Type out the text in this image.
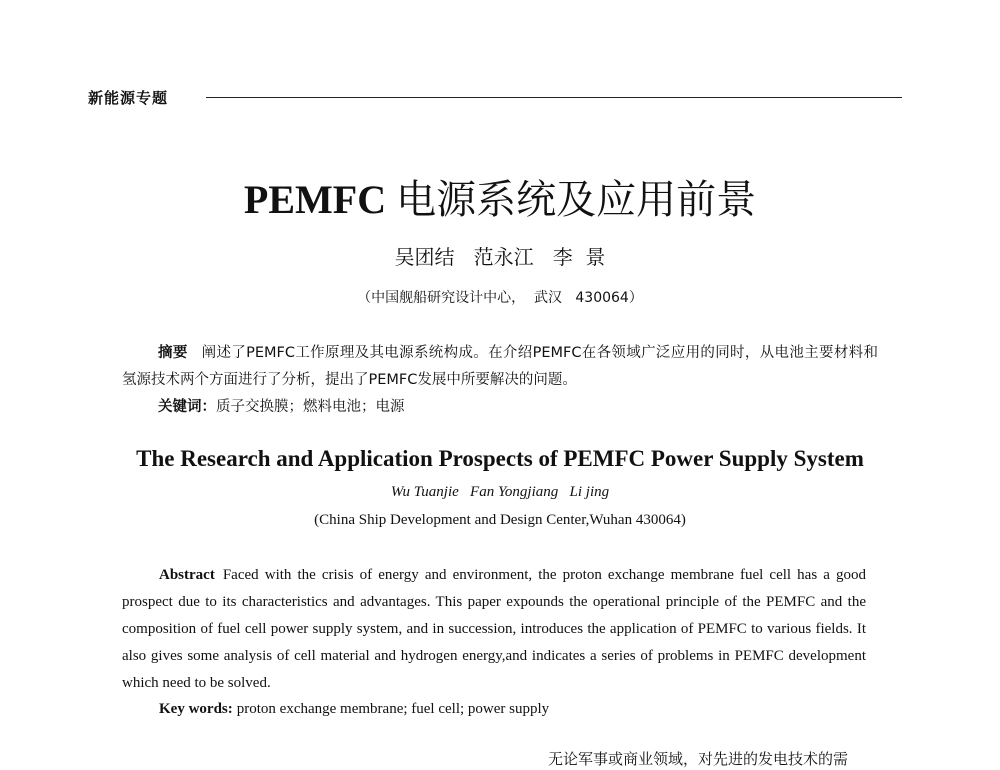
新能源专题
PEMFC 电源系统及应用前景
吴团结   范永江   李  景
（中国舰船研究设计中心，  武汉   430064）
摘要 阐述了PEMFC工作原理及其电源系统构成。在介绍PEMFC在各领域广泛应用的同时，从电池主要材料和氢源技术两个方面进行了分析，提出了PEMFC发展中所要解决的问题。
关键词：质子交换膜；燃料电池；电源
The Research and Application Prospects of PEMFC Power Supply System
Wu Tuanjie   Fan Yongjiang   Li jing
(China Ship Development and Design Center,Wuhan 430064)
Abstract Faced with the crisis of energy and environment, the proton exchange membrane fuel cell has a good prospect due to its characteristics and advantages. This paper expounds the operational principle of the PEMFC and the composition of fuel cell power supply system, and in succession, introduces the application of PEMFC to various fields. It also gives some analysis of cell material and hydrogen energy,and indicates a series of problems in PEMFC development which need to be solved.
Key words: proton exchange membrane; fuel cell; power supply
无论军事或商业领域，对先进的发电技术的需
